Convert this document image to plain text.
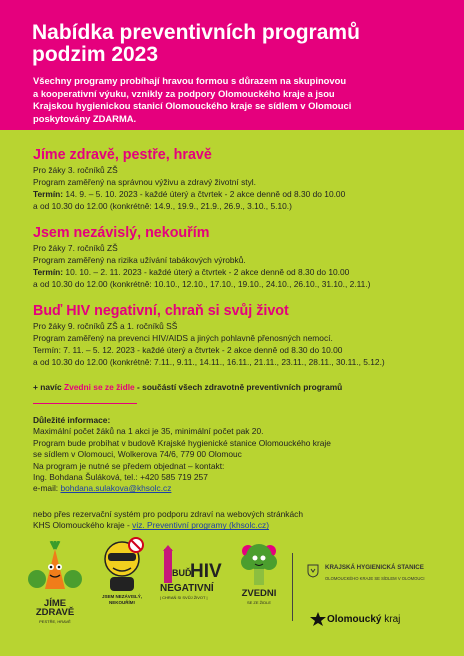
Nabídka preventivních programů
podzim 2023
Všechny programy probíhají hravou formou s důrazem na skupinovou
a kooperativní výuku, vznikly za podpory Olomouckého kraje a jsou
Krajskou hygienickou stanicí Olomouckého kraje se sídlem v Olomouci
poskytovány ZDARMA.
Jíme zdravě, pestře, hravě
Pro žáky 3. ročníků ZŠ
Program zaměřený na správnou výživu a zdravý životní styl.
Termín: 14. 9. – 5. 10. 2023 - každé úterý a čtvrtek - 2 akce denně od 8.30 do 10.00
a od 10.30 do 12.00 (konkrétně: 14.9., 19.9., 21.9., 26.9., 3.10., 5.10.)
Jsem nezávislý, nekouřím
Pro žáky 7. ročníků ZŠ
Program zaměřený na rizika užívání tabákových výrobků.
Termín: 10. 10. – 2. 11. 2023 - každé úterý a čtvrtek - 2 akce denně od 8.30 do 10.00
a od 10.30 do 12.00 (konkrétně: 10.10., 12.10., 17.10., 19.10., 24.10., 26.10., 31.10., 2.11.)
Buď HIV negativní, chraň si svůj život
Pro žáky 9. ročníků ZŠ a 1. ročníků SŠ
Program zaměřený na prevenci HIV/AIDS a jiných pohlavně přenosných nemocí.
Termín: 7. 11. – 5. 12. 2023 - každé úterý a čtvrtek - 2 akce denně od 8.30 do 10.00
a od 10.30 do 12.00 (konkrétně: 7.11., 9.11., 14.11., 16.11., 21.11., 23.11., 28.11., 30.11., 5.12.)
+ navíc Zvedni se ze židle - součástí všech zdravotně preventivních programů
Důležité informace:
Maximální počet žáků na 1 akci je 35, minimální počet pak 20.
Program bude probíhat v budově Krajské hygienické stanice Olomouckého kraje
se sídlem v Olomouci, Wolkerova 74/6, 779 00 Olomouc
Na program je nutné se předem objednat – kontakt:
Ing. Bohdana Šuláková, tel.: +420 585 719 257
e-mail: bohdana.sulakova@khsolc.cz
nebo přes rezervační systém pro podporu zdraví na webových stránkách
KHS Olomouckého kraje - viz. Preventivní programy (khsolc.cz)
JÍME
ZDRAVĚ
PESTŘE, HRAVĚ
JSEM NEZÁVISLÝ,
NEKOUŘÍM!
BUĎ
HIV
NEGATIVNÍ
| CHRAŇ SI SVŮJ ŽIVOT |	ZVEDNI
SE ZE ŽIDLE
KRAJSKÁ HYGIENICKÁ STANICE
OLOMOUCKÉHO KRAJE SE SÍDLEM V OLOMOUCI
Olomoucký kraj
